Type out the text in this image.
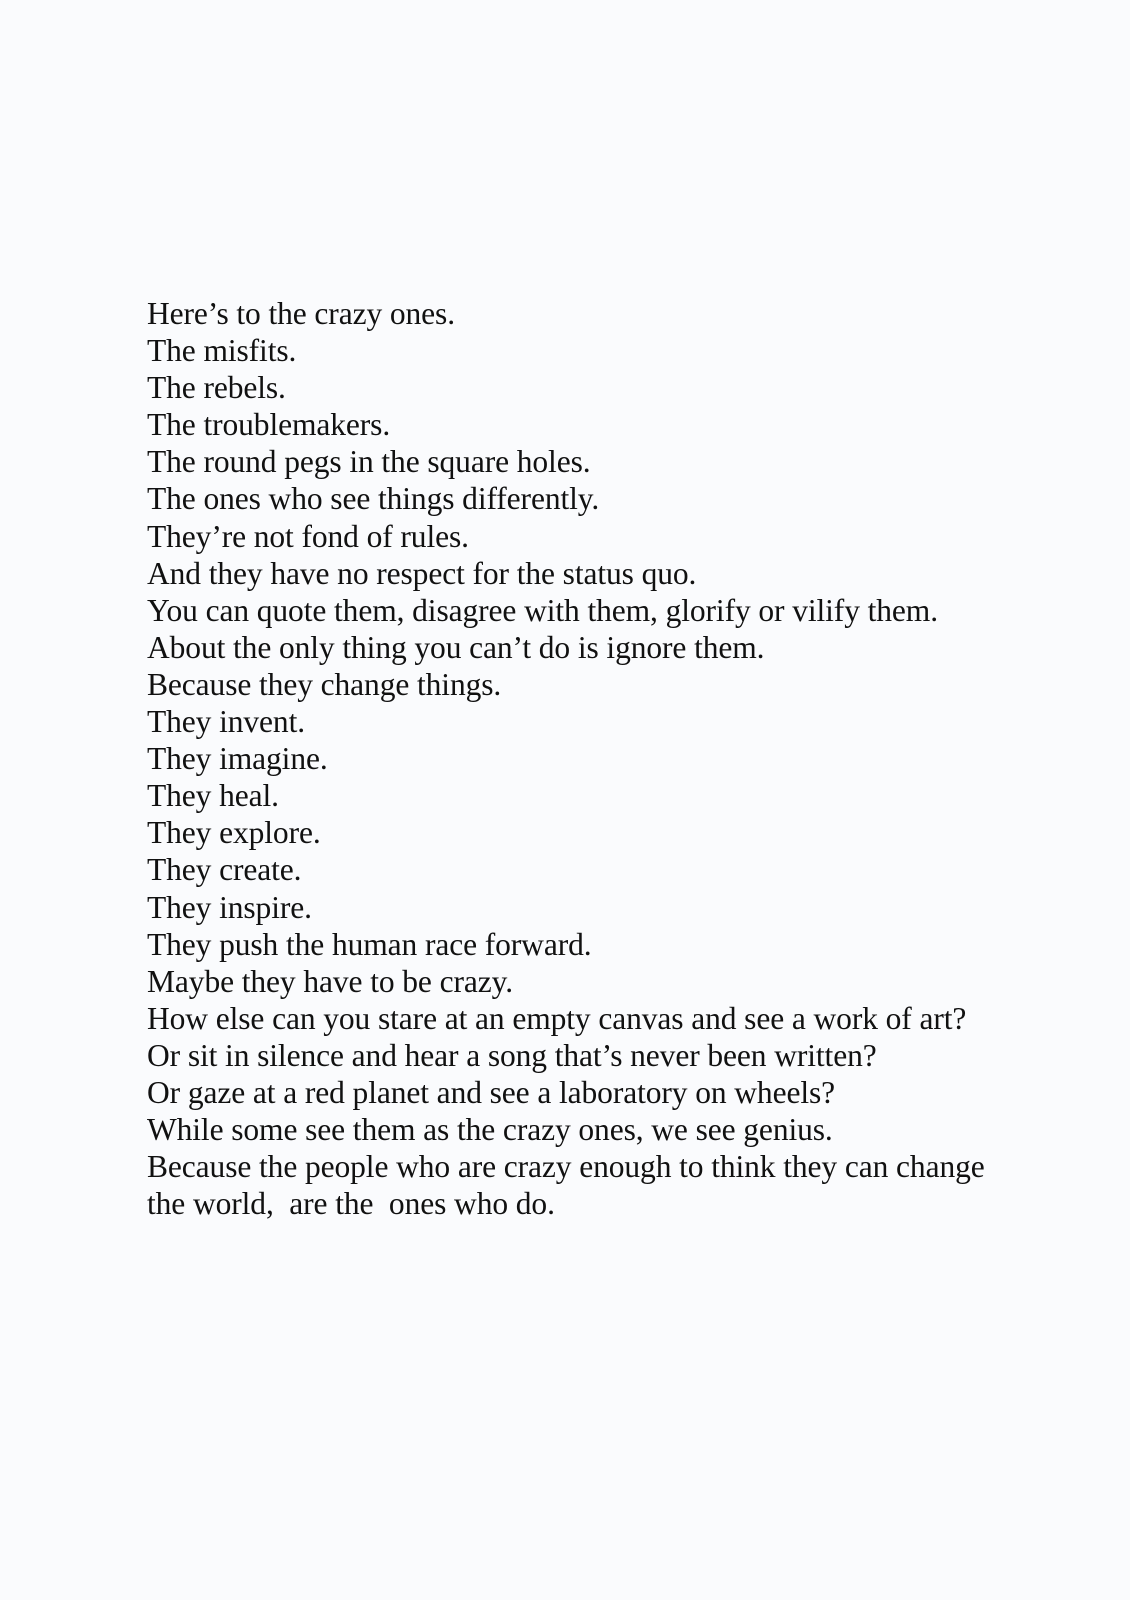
Here’s to the crazy ones.
The misfits.
The rebels.
The troublemakers.
The round pegs in the square holes.
The ones who see things differently.
They’re not fond of rules.
And they have no respect for the status quo.
You can quote them, disagree with them, glorify or vilify them.
About the only thing you can’t do is ignore them.
Because they change things.
They invent.
They imagine.
They heal.
They explore.
They create.
They inspire.
They push the human race forward.
Maybe they have to be crazy.
How else can you stare at an empty canvas and see a work of art?
Or sit in silence and hear a song that’s never been written?
Or gaze at a red planet and see a laboratory on wheels?
While some see them as the crazy ones, we see genius.
Because the people who are crazy enough to think they can change
the world,  are the  ones who do.
